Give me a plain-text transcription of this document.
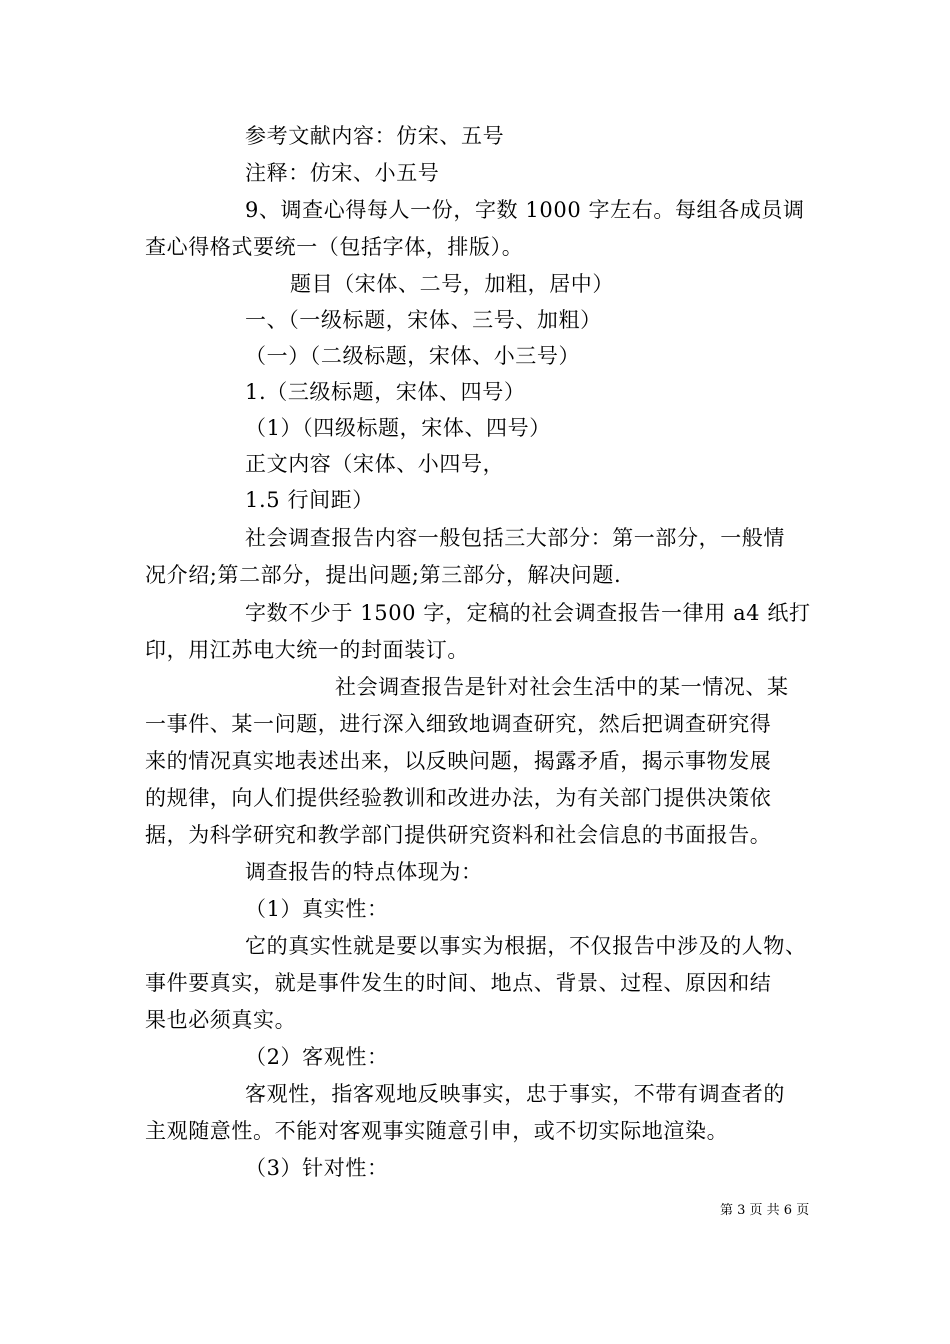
参考文献内容：仿宋、五号
注释：仿宋、小五号
9、调查心得每人一份，字数 1000 字左右。每组各成员调
查心得格式要统一（包括字体，排版）。
题目（宋体、二号，加粗，居中）
一、（一级标题，宋体、三号、加粗）
（一）（二级标题，宋体、小三号）
1.（三级标题，宋体、四号）
（1）（四级标题，宋体、四号）
正文内容（宋体、小四号，
1.5 行间距）
社会调查报告内容一般包括三大部分：第一部分，一般情
况介绍;第二部分，提出问题;第三部分，解决问题.
字数不少于 1500 字，定稿的社会调查报告一律用 a4 纸打
印，用江苏电大统一的封面装订。
社会调查报告是针对社会生活中的某一情况、某
一事件、某一问题，进行深入细致地调查研究，然后把调查研究得
来的情况真实地表述出来，以反映问题，揭露矛盾，揭示事物发展
的规律，向人们提供经验教训和改进办法，为有关部门提供决策依
据，为科学研究和教学部门提供研究资料和社会信息的书面报告。
调查报告的特点体现为：
（1）真实性：
它的真实性就是要以事实为根据，不仅报告中涉及的人物、
事件要真实，就是事件发生的时间、地点、背景、过程、原因和结
果也必须真实。
（2）客观性：
客观性，指客观地反映事实，忠于事实，不带有调查者的
主观随意性。不能对客观事实随意引申，或不切实际地渲染。
（3）针对性：
第 3 页 共 6 页
